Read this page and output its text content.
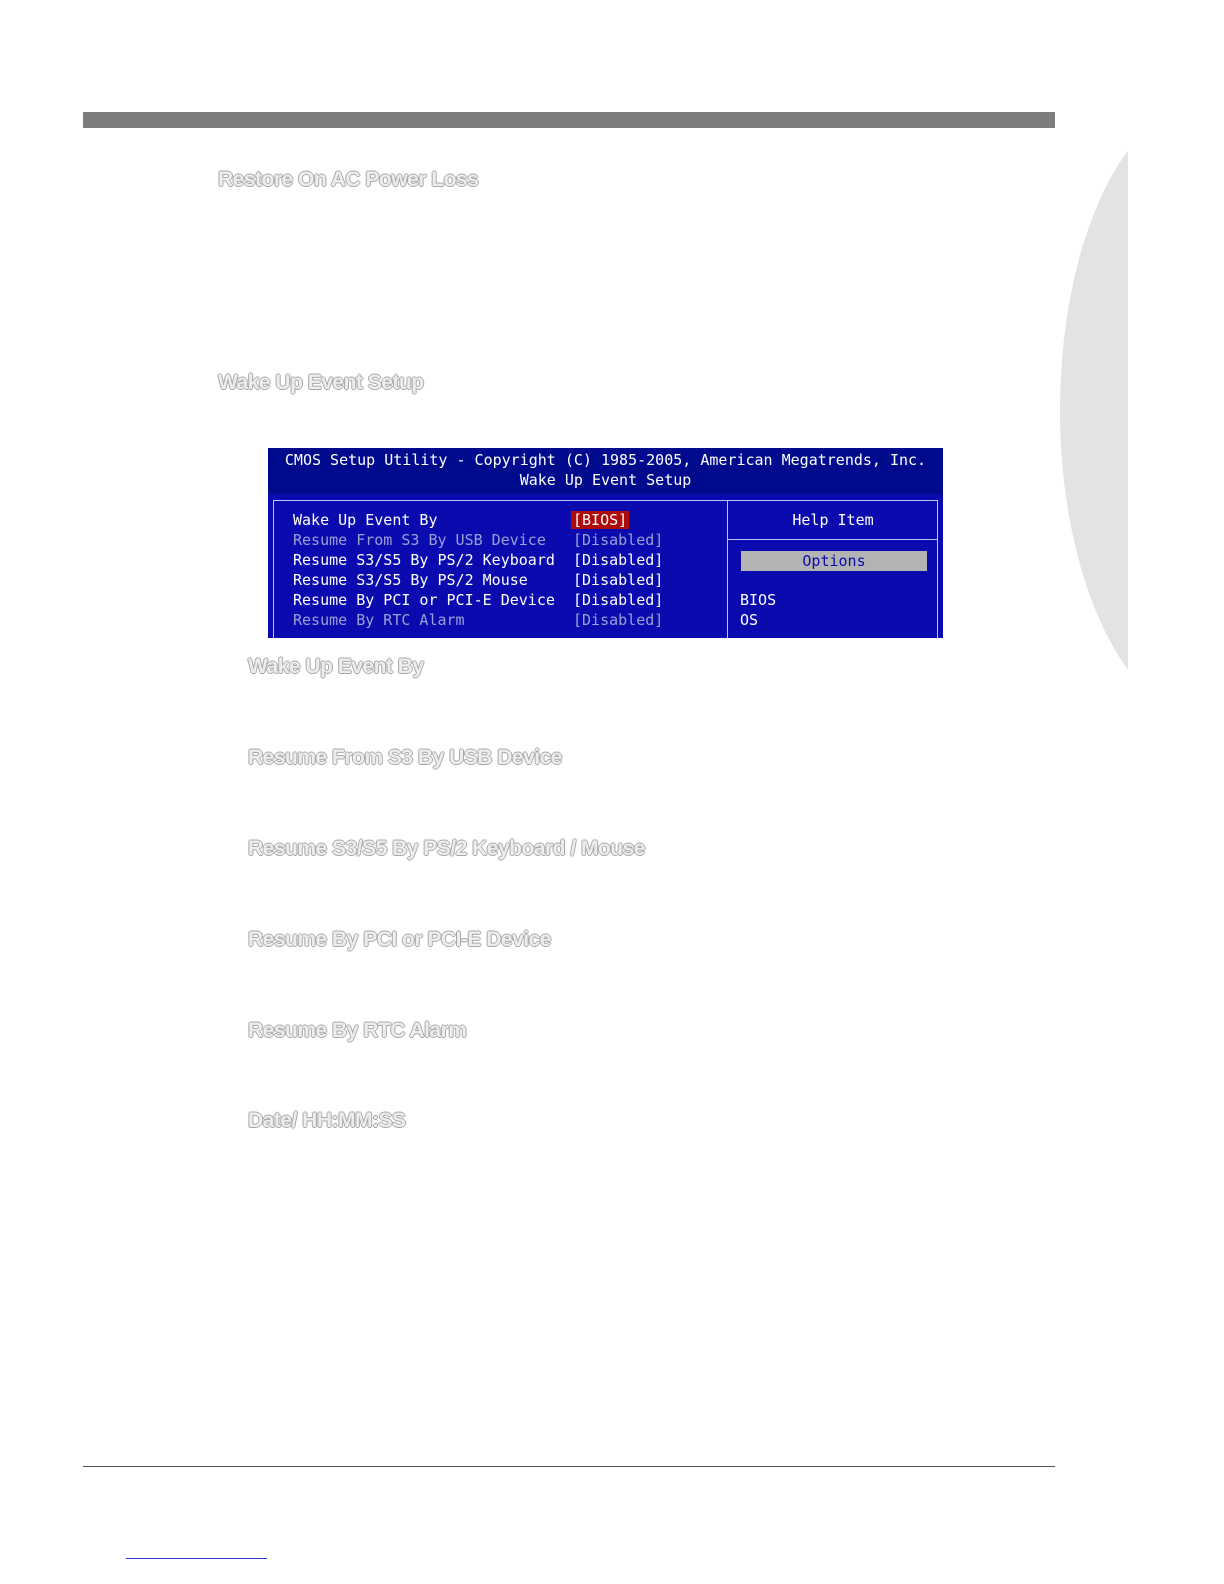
Restore On AC Power Loss
Wake Up Event Setup
CMOS Setup Utility - Copyright (C) 1985-2005, American Megatrends, Inc.
Wake Up Event Setup
Wake Up Event By	[BIOS]
Resume From S3 By USB Device [Disabled]
Resume S3/S5 By PS/2 Keyboard [Disabled]
Resume S3/S5 By PS/2 Mouse	[Disabled]
Resume By PCI or PCI-E Device [Disabled]
Resume By RTC Alarm	[Disabled]
Help Item
Options
BIOS
OS
Wake Up Event By
Resume From S3 By USB Device
Resume S3/S5 By PS/2 Keyboard / Mouse
Resume By PCI or PCI-E Device
Resume By RTC Alarm
Date/ HH:MM:SS
